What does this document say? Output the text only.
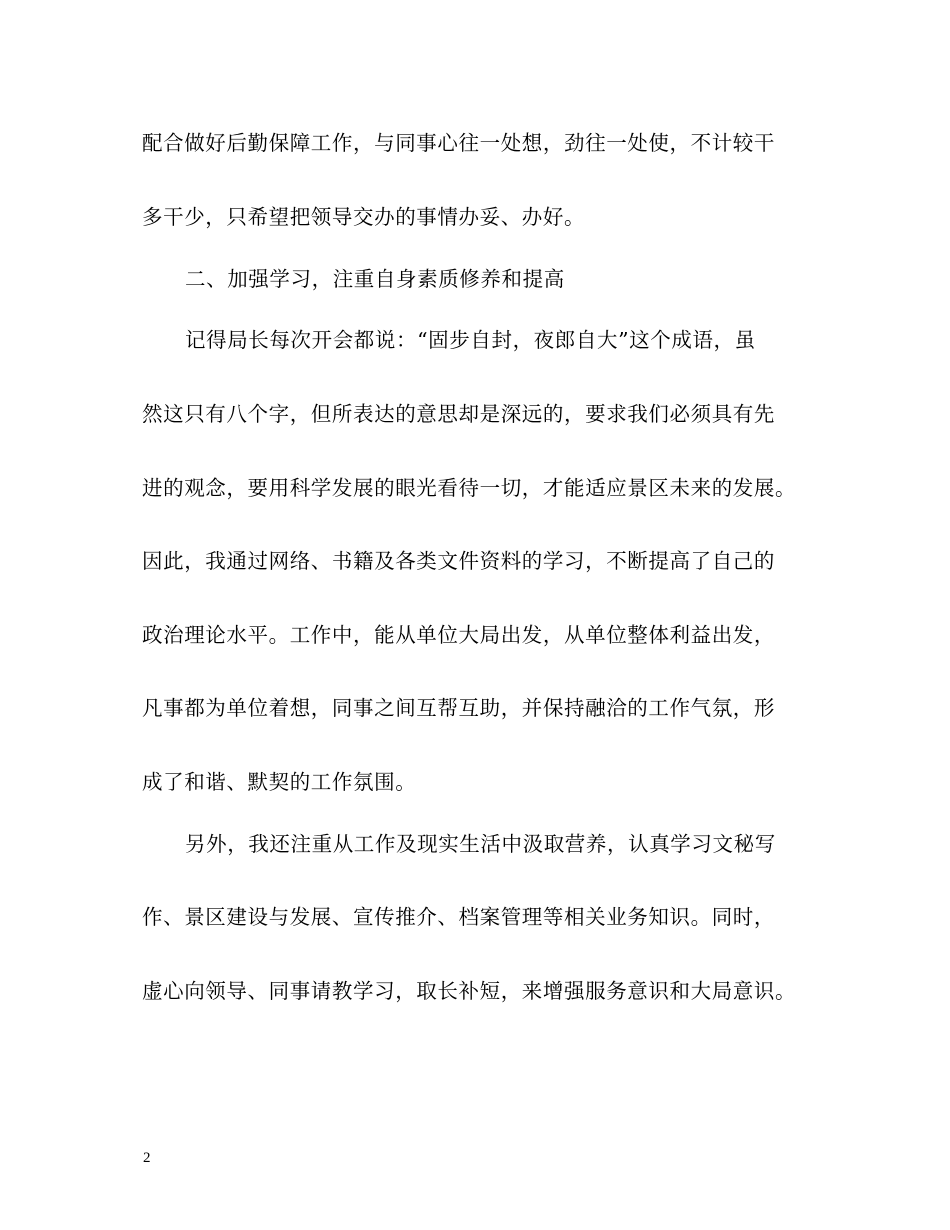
配合做好后勤保障工作，与同事心往一处想，劲往一处使，不计较干
多干少，只希望把领导交办的事情办妥、办好。
二、加强学习，注重自身素质修养和提高
记得局长每次开会都说：“固步自封，夜郎自大”这个成语，虽
然这只有八个字，但所表达的意思却是深远的，要求我们必须具有先
进的观念，要用科学发展的眼光看待一切，才能适应景区未来的发展。
因此，我通过网络、书籍及各类文件资料的学习，不断提高了自己的
政治理论水平。工作中，能从单位大局出发，从单位整体利益出发，
凡事都为单位着想，同事之间互帮互助，并保持融洽的工作气氛，形
成了和谐、默契的工作氛围。
另外，我还注重从工作及现实生活中汲取营养，认真学习文秘写
作、景区建设与发展、宣传推介、档案管理等相关业务知识。同时，
虚心向领导、同事请教学习，取长补短，来增强服务意识和大局意识。
2
